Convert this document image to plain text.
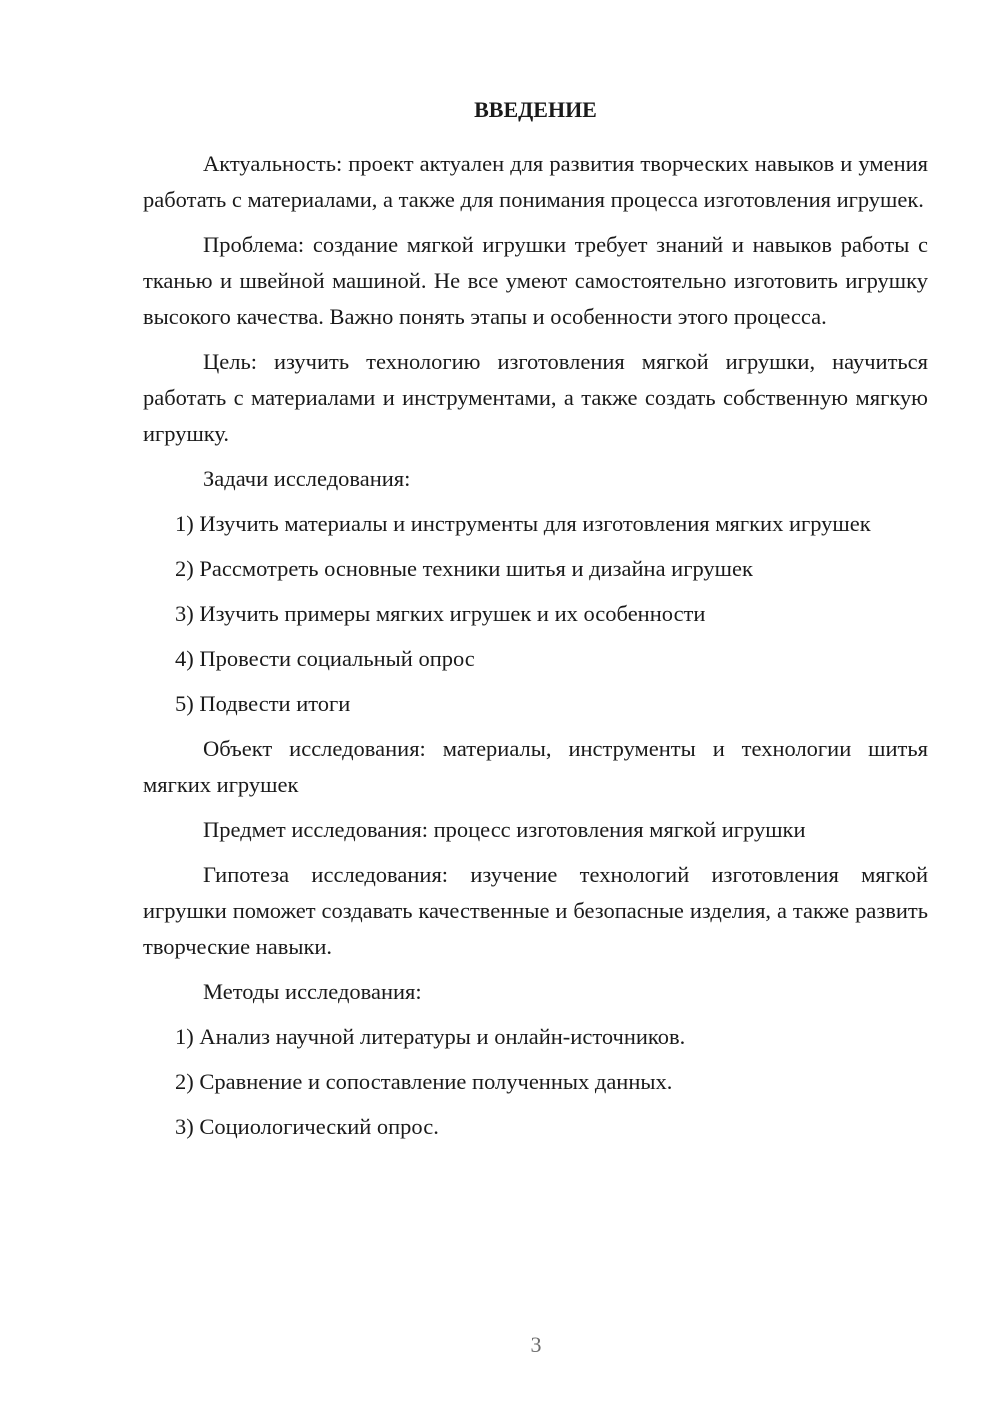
ВВЕДЕНИЕ

Актуальность: проект актуален для развития творческих навыков и умения работать с материалами, а также для понимания процесса изготовления игрушек.

Проблема: создание мягкой игрушки требует знаний и навыков работы с тканью и швейной машиной. Не все умеют самостоятельно изготовить игрушку высокого качества. Важно понять этапы и особенности этого процесса.

Цель: изучить технологию изготовления мягкой игрушки, научиться работать с материалами и инструментами, а также создать собственную мягкую игрушку.

Задачи исследования:

1) Изучить материалы и инструменты для изготовления мягких игрушек

2) Рассмотреть основные техники шитья и дизайна игрушек

3) Изучить примеры мягких игрушек и их особенности

4) Провести социальный опрос

5) Подвести итоги

Объект исследования: материалы, инструменты и технологии шитья мягких игрушек

Предмет исследования: процесс изготовления мягкой игрушки

Гипотеза исследования: изучение технологий изготовления мягкой игрушки поможет создавать качественные и безопасные изделия, а также развить творческие навыки.

Методы исследования:

1) Анализ научной литературы и онлайн-источников.

2) Сравнение и сопоставление полученных данных.

3) Социологический опрос.

3
